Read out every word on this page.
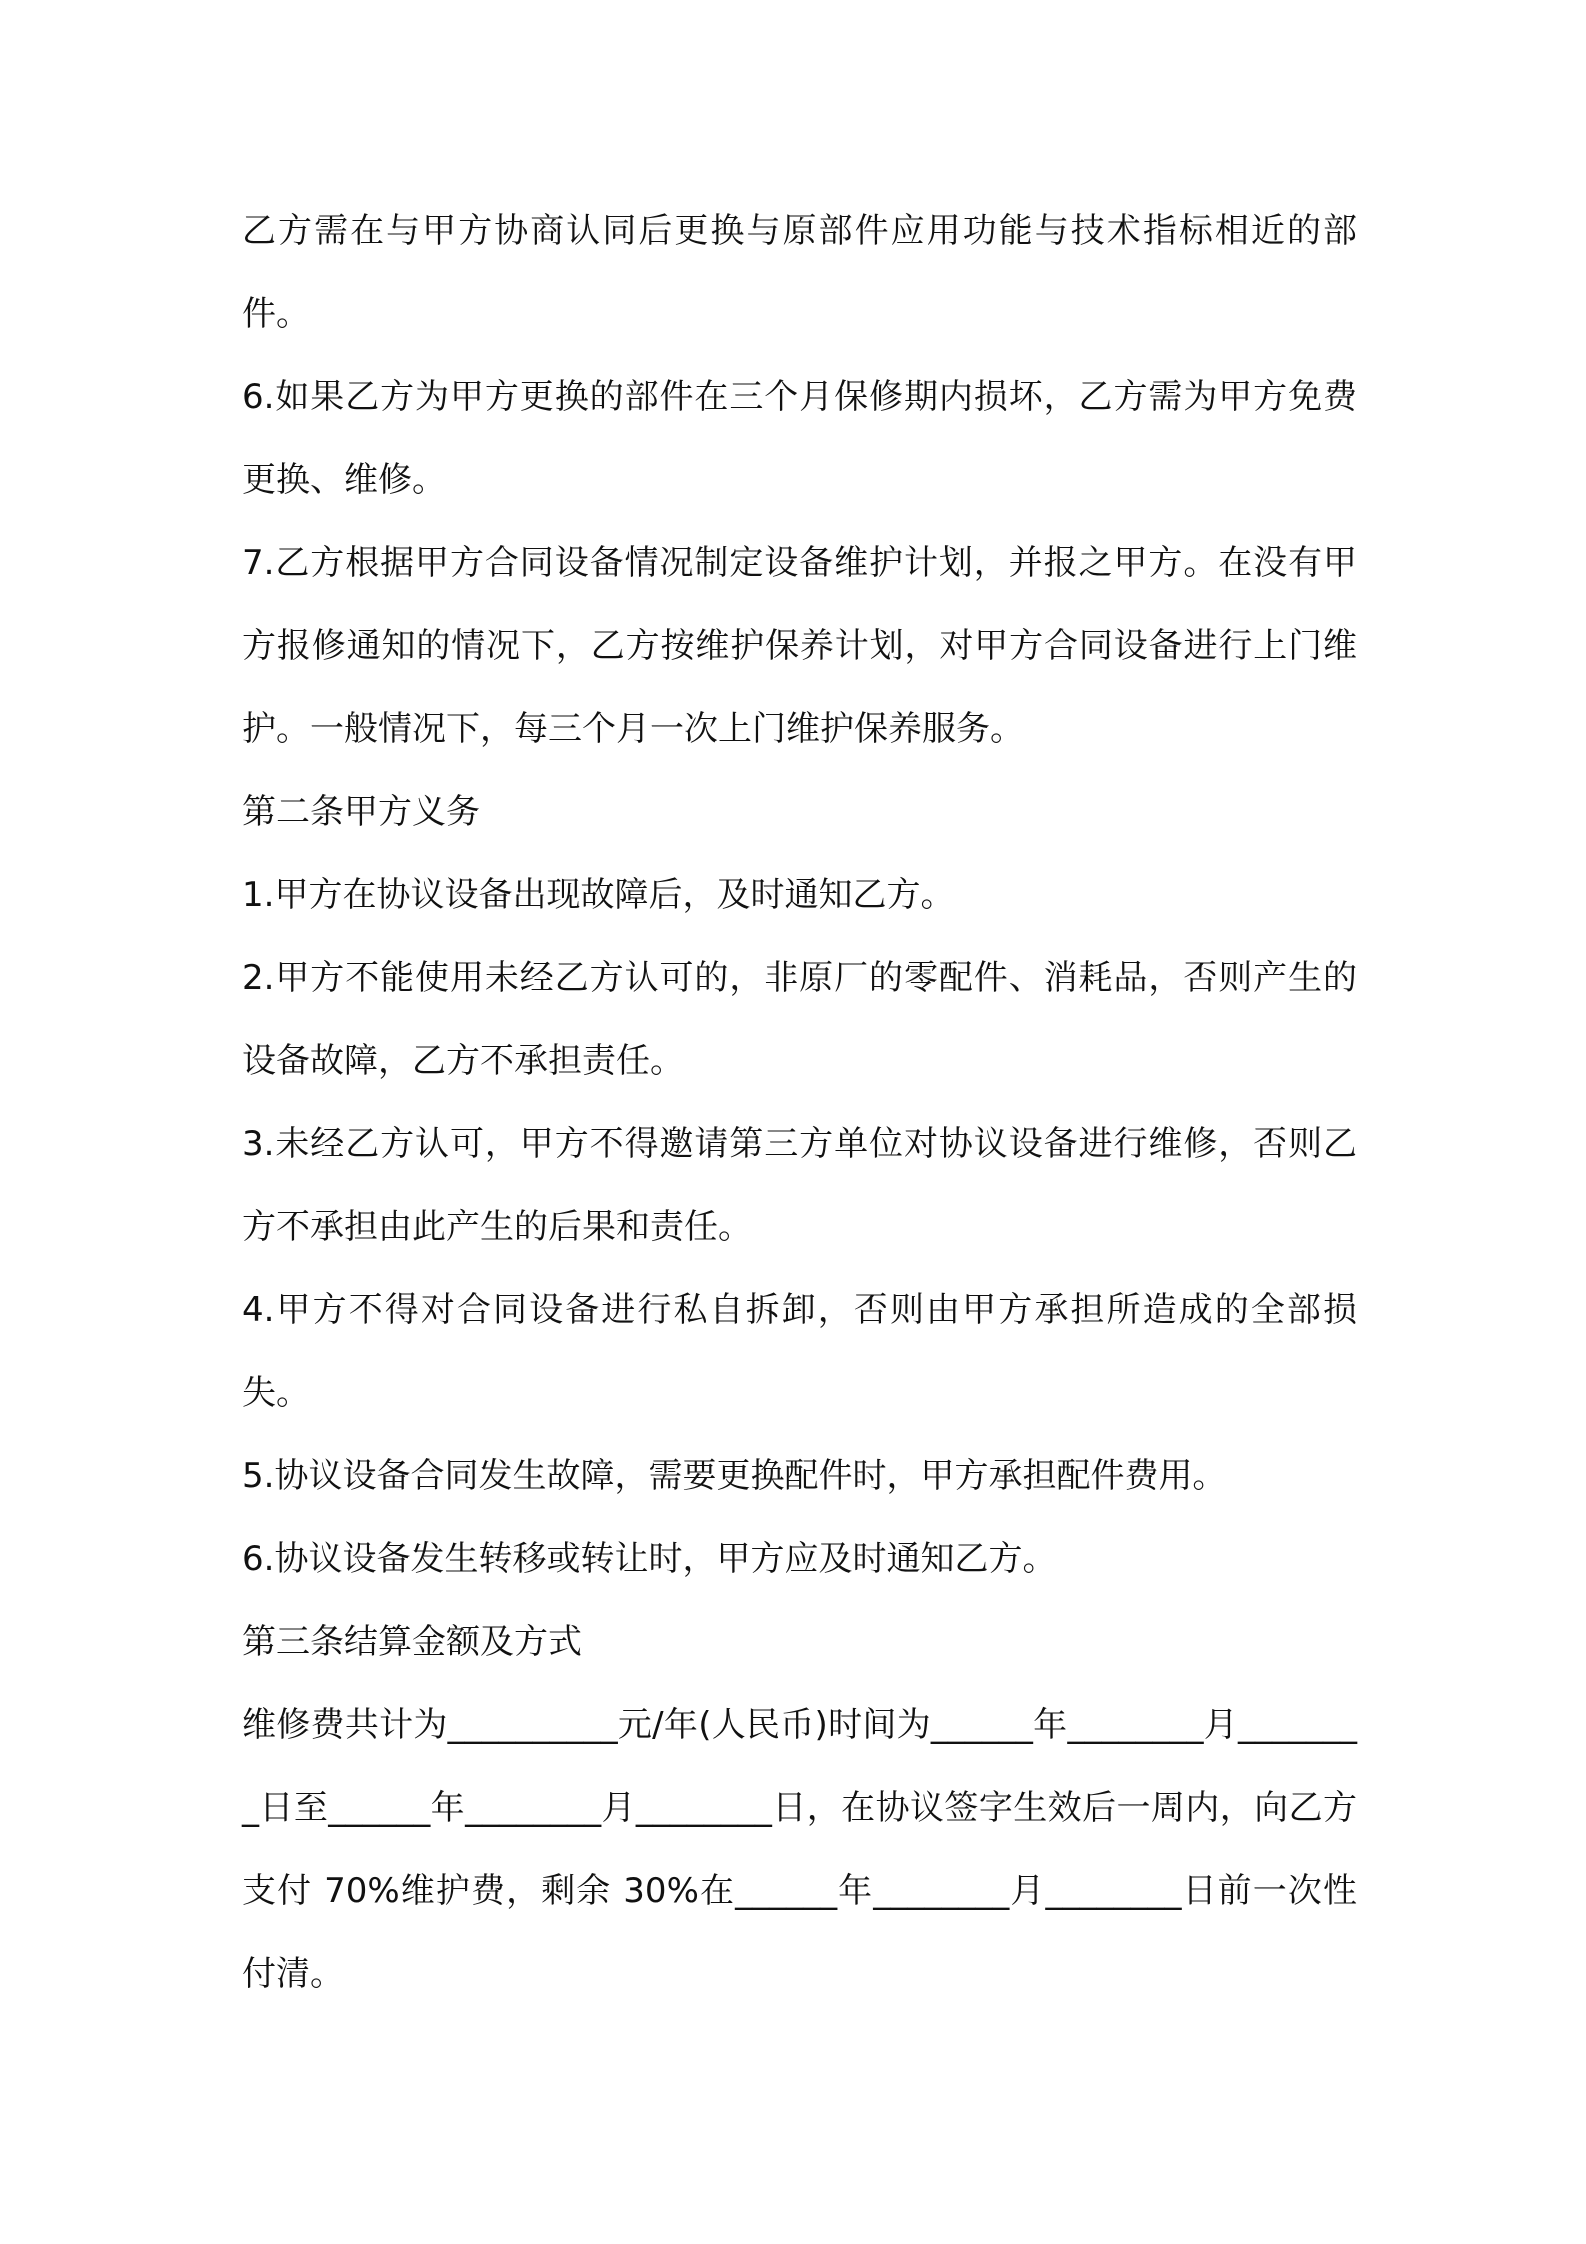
乙方需在与甲方协商认同后更换与原部件应用功能与技术指标相近的部件。

6.如果乙方为甲方更换的部件在三个月保修期内损坏，乙方需为甲方免费更换、维修。

7.乙方根据甲方合同设备情况制定设备维护计划，并报之甲方。在没有甲方报修通知的情况下，乙方按维护保养计划，对甲方合同设备进行上门维护。一般情况下，每三个月一次上门维护保养服务。

第二条甲方义务

1.甲方在协议设备出现故障后，及时通知乙方。

2.甲方不能使用未经乙方认可的，非原厂的零配件、消耗品，否则产生的设备故障，乙方不承担责任。

3.未经乙方认可，甲方不得邀请第三方单位对协议设备进行维修，否则乙方不承担由此产生的后果和责任。

4.甲方不得对合同设备进行私自拆卸，否则由甲方承担所造成的全部损失。

5.协议设备合同发生故障，需要更换配件时，甲方承担配件费用。

6.协议设备发生转移或转让时，甲方应及时通知乙方。

第三条结算金额及方式

维修费共计为__________元/年(人民币)时间为______年________月________日至______年________月________日，在协议签字生效后一周内，向乙方支付 70%维护费，剩余 30%在______年________月________日前一次性付清。
